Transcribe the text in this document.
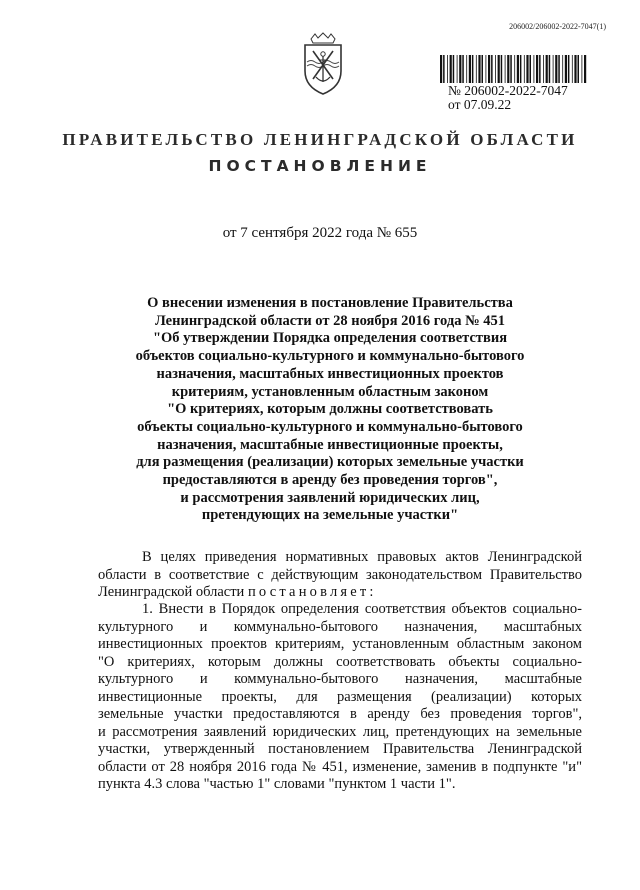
206002/206002-2022-7047(1)
№ 206002-2022-7047
от 07.09.22
ПРАВИТЕЛЬСТВО ЛЕНИНГРАДСКОЙ ОБЛАСТИ
ПОСТАНОВЛЕНИЕ
от 7 сентября 2022 года № 655
О внесении изменения в постановление Правительства
Ленинградской области от 28 ноября 2016 года № 451
"Об утверждении Порядка определения соответствия
объектов социально-культурного и коммунально-бытового
назначения, масштабных инвестиционных проектов
критериям, установленным областным законом
"О критериях, которым должны соответствовать
объекты социально-культурного и коммунально-бытового
назначения, масштабные инвестиционные проекты,
для размещения (реализации) которых земельные участки
предоставляются в аренду без проведения торгов",
и рассмотрения заявлений юридических лиц,
претендующих на земельные участки"
В целях приведения нормативных правовых актов Ленинградской
области в соответствие с действующим законодательством Правительство
Ленинградской области постановляет:
1. Внести в Порядок определения соответствия объектов социально-
культурного и коммунально-бытового назначения, масштабных
инвестиционных проектов критериям, установленным областным законом
"О критериях, которым должны соответствовать объекты социально-
культурного и коммунально-бытового назначения, масштабные
инвестиционные проекты, для размещения (реализации) которых
земельные участки предоставляются в аренду без проведения торгов",
и рассмотрения заявлений юридических лиц, претендующих на земельные
участки, утвержденный постановлением Правительства Ленинградской
области от 28 ноября 2016 года № 451, изменение, заменив в подпункте "и"
пункта 4.3 слова "частью 1" словами "пунктом 1 части 1".
